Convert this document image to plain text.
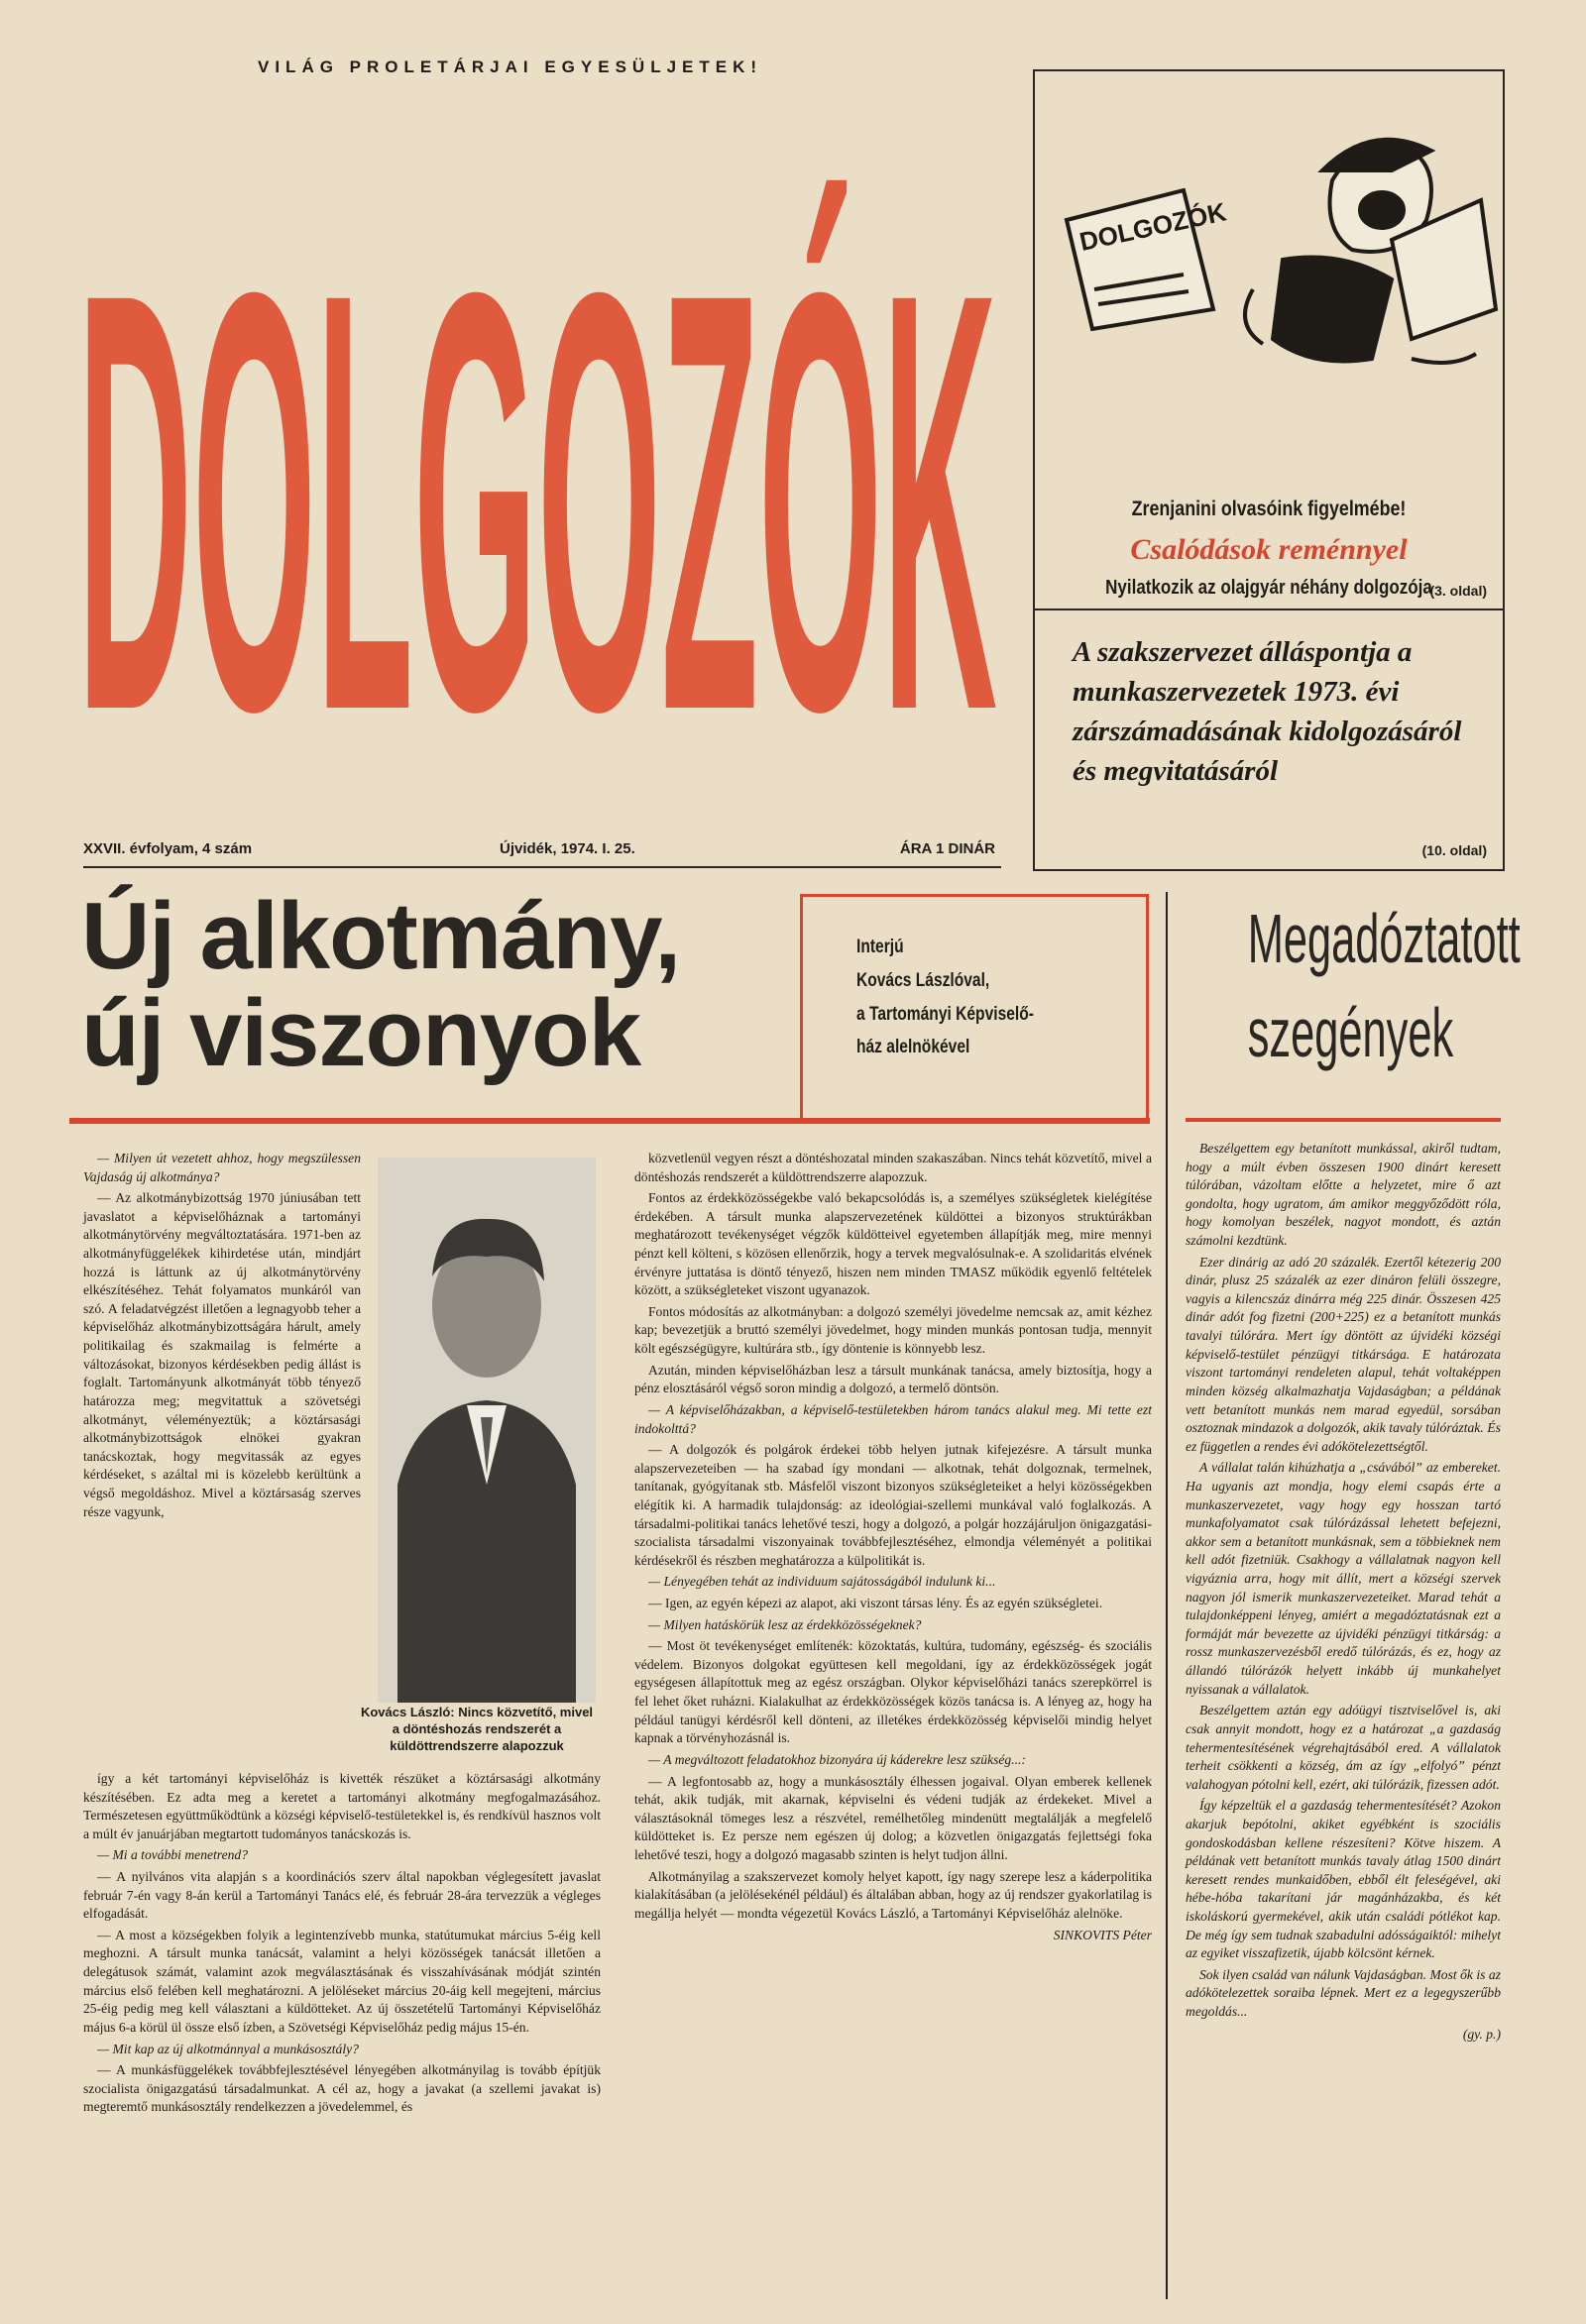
VILÁG PROLETÁRJAI EGYESÜLJETEK!
DOLGOZÓK	DOLGOZÓK
Zrenjanini olvasóink figyelmébe!
Csalódások reménnyel
Nyilatkozik az olajgyár néhány dolgozója
(3. oldal)
A szakszervezet álláspontja a munkaszervezetek 1973. évi zárszámadásának kidolgozásáról és megvitatásáról
(10. oldal)
XXVII. évfolyam, 4 szám	Újvidék, 1974. I. 25.	ÁRA 1 DINÁR
Új alkotmány,
új viszonyok
Interjú
Kovács Lászlóval,
a Tartományi Képviselő-
ház alelnökével
Megadóztatott
szegények
Kovács László: Nincs közvetítő, mivel a döntéshozás rendszerét a küldöttrendszerre alapozzuk

— Milyen út vezetett ahhoz, hogy megszülessen Vajdaság új alkotmánya?

— Az alkotmánybizottság 1970 júniusában tett javaslatot a képviselőháznak a tartományi alkotmánytörvény megváltoztatására. 1971-ben az alkotmányfüggelékek kihirdetése után, mindjárt hozzá is láttunk az új alkotmánytörvény elkészítéséhez. Tehát folyamatos munkáról van szó. A feladatvégzést illetően a legnagyobb teher a képviselőház alkotmánybizottságára hárult, amely politikailag és szakmailag is felmérte a változásokat, bizonyos kérdésekben pedig állást is foglalt. Tartományunk alkotmányát több tényező határozza meg; megvitattuk a szövetségi alkotmányt, véleményeztük; a köztársasági alkotmánybizottságok elnökei gyakran tanácskoztak, hogy megvitassák az egyes kérdéseket, s azáltal mi is közelebb kerültünk a végső megoldáshoz. Mivel a köztársaság szerves része vagyunk,

így a két tartományi képviselőház is kivették részüket a köztársasági alkotmány készítésében. Ez adta meg a keretet a tartományi alkotmány megfogalmazásához. Természetesen együttműködtünk a községi képviselő-testületekkel is, és rendkívül hasznos volt a múlt év januárjában megtartott tudományos tanácskozás is.

— Mi a további menetrend?

— A nyilvános vita alapján s a koordinációs szerv által napokban véglegesített javaslat február 7-én vagy 8-án kerül a Tartományi Tanács elé, és február 28-ára tervezzük a végleges elfogadását.

— A most a községekben folyik a legintenzívebb munka, statútumukat március 5-éig kell meghozni. A társult munka tanácsát, valamint a helyi közösségek tanácsát illetően a delegátusok számát, valamint azok megválasztásának és visszahívásának módját szintén március első felében kell meghatározni. A jelöléseket március 20-áig kell megejteni, március 25-éig pedig meg kell választani a küldötteket. Az új összetételű Tartományi Képviselőház május 6-a körül ül össze első ízben, a Szövetségi Képviselőház pedig május 15-én.

— Mit kap az új alkotmánnyal a munkásosztály?

— A munkásfüggelékek továbbfejlesztésével lényegében alkotmányilag is tovább építjük szocialista önigazgatású társadalmunkat. A cél az, hogy a javakat (a szellemi javakat is) megteremtő munkásosztály rendelkezzen a jövedelemmel, és

közvetlenül vegyen részt a döntéshozatal minden szakaszában. Nincs tehát közvetítő, mivel a döntéshozás rendszerét a küldöttrendszerre alapozzuk.

Fontos az érdekközösségekbe való bekapcsolódás is, a személyes szükségletek kielégítése érdekében. A társult munka alapszervezetének küldöttei a bizonyos struktúrákban meghatározott tevékenységet végzők küldötteivel egyetemben állapítják meg, mire mennyi pénzt kell költeni, s közösen ellenőrzik, hogy a tervek megvalósulnak-e. A szolidaritás elvének érvényre juttatása is döntő tényező, hiszen nem minden TMASZ működik egyenlő feltételek között, a szükségleteket viszont ugyanazok.

Fontos módosítás az alkotmányban: a dolgozó személyi jövedelme nemcsak az, amit kézhez kap; bevezetjük a bruttó személyi jövedelmet, hogy minden munkás pontosan tudja, mennyit költ egészségügyre, kultúrára stb., így döntenie is könnyebb lesz.

Azután, minden képviselőházban lesz a társult munkának tanácsa, amely biztosítja, hogy a pénz elosztásáról végső soron mindig a dolgozó, a termelő döntsön.

— A képviselőházakban, a képviselő-testületekben három tanács alakul meg. Mi tette ezt indokolttá?

— A dolgozók és polgárok érdekei több helyen jutnak kifejezésre. A társult munka alapszervezeteiben — ha szabad így mondani — alkotnak, tehát dolgoznak, termelnek, tanítanak, gyógyítanak stb. Másfelől viszont bizonyos szükségleteiket a helyi közösségekben elégítik ki. A harmadik tulajdonság: az ideológiai-szellemi munkával való foglalkozás. A társadalmi-politikai tanács lehetővé teszi, hogy a dolgozó, a polgár hozzájáruljon önigazgatási-szocialista társadalmi viszonyainak továbbfejlesztéséhez, elmondja véleményét a politikai kérdésekről és részben meghatározza a külpolitikát is.

— Lényegében tehát az individuum sajátosságából indulunk ki...

— Igen, az egyén képezi az alapot, aki viszont társas lény. És az egyén szükségletei.

— Milyen hatáskörük lesz az érdekközösségeknek?

— Most öt tevékenységet említenék: közoktatás, kultúra, tudomány, egészség- és szociális védelem. Bizonyos dolgokat együttesen kell megoldani, így az érdekközösségek jogát egységesen állapítottuk meg az egész országban. Olykor képviselőházi tanács szerepkörrel is fel lehet őket ruházni. Kialakulhat az érdekközösségek közös tanácsa is. A lényeg az, hogy ha például tanügyi kérdésről kell dönteni, az illetékes érdekközösség képviselői mindig helyet kapnak a törvényhozásnál is.

— A megváltozott feladatokhoz bizonyára új káderekre lesz szükség...:

— A legfontosabb az, hogy a munkásosztály élhessen jogaival. Olyan emberek kellenek tehát, akik tudják, mit akarnak, képviselni és védeni tudják az érdekeket. Mivel a választásoknál tömeges lesz a részvétel, remélhetőleg mindenütt megtalálják a megfelelő küldötteket is. Ez persze nem egészen új dolog; a közvetlen önigazgatás fejlettségi foka lehetővé teszi, hogy a dolgozó magasabb szinten is helyt tudjon állni.

Alkotmányilag a szakszervezet komoly helyet kapott, így nagy szerepe lesz a káderpolitika kialakításában (a jelölésekénél például) és általában abban, hogy az új rendszer gyakorlatilag is megállja helyét — mondta végezetül Kovács László, a Tartományi Képviselőház alelnöke.

SINKOVITS Péter

Beszélgettem egy betanított munkással, akiről tudtam, hogy a múlt évben összesen 1900 dinárt keresett túlórában, vázoltam előtte a helyzetet, mire ő azt gondolta, hogy ugratom, ám amikor meggyőződött róla, hogy komolyan beszélek, nagyot mondott, és aztán számolni kezdtünk.

Ezer dinárig az adó 20 százalék. Ezertől kétezerig 200 dinár, plusz 25 százalék az ezer dináron felüli összegre, vagyis a kilencszáz dinárra még 225 dinár. Összesen 425 dinár adót fog fizetni (200+225) ez a betanított munkás tavalyi túlórára. Mert így döntött az újvidéki községi képviselő-testület pénzügyi titkársága. E határozata viszont tartományi rendeleten alapul, tehát voltaképpen minden község alkalmazhatja Vajdaságban; a példának vett betanított munkás nem marad egyedül, sorsában osztoznak mindazok a dolgozók, akik tavaly túlóráztak. És ez független a rendes évi adókötelezettségtől.

A vállalat talán kihúzhatja a „csávából” az embereket. Ha ugyanis azt mondja, hogy elemi csapás érte a munkaszervezetet, vagy hogy egy hosszan tartó munkafolyamatot csak túlórázással lehetett befejezni, akkor sem a betanított munkásnak, sem a többieknek nem kell adót fizetniük. Csakhogy a vállalatnak nagyon kell vigyáznia arra, hogy mit állít, mert a községi szervek nagyon jól ismerik munkaszervezeteiket. Marad tehát a tulajdonképpeni lényeg, amiért a megadóztatásnak ezt a formáját már bevezette az újvidéki pénzügyi titkárság: a rossz munkaszervezésből eredő túlórázás, és ez, hogy az állandó túlórázók helyett inkább új munkahelyet nyissanak a vállalatok.

Beszélgettem aztán egy adóügyi tisztviselővel is, aki csak annyit mondott, hogy ez a határozat „a gazdaság tehermentesítésének végrehajtásából ered. A vállalatok terheit csökkenti a község, ám az így „elfolyó” pénzt valahogyan pótolni kell, ezért, aki túlórázik, fizessen adót.

Így képzeltük el a gazdaság tehermentesítését? Azokon akarjuk bepótolni, akiket egyébként is szociális gondoskodásban kellene részesíteni? Kötve hiszem. A példának vett betanított munkás tavaly átlag 1500 dinárt keresett rendes munkaidőben, ebből élt feleségével, aki hébe-hóba takarítani jár magánházakba, és két iskoláskorú gyermekével, akik után családi pótlékot kap. De még így sem tudnak szabadulni adósságaiktól: mihelyt az egyiket visszafizetik, újabb kölcsönt kérnek.

Sok ilyen család van nálunk Vajdaságban. Most ők is az adókötelezettek soraiba lépnek. Mert ez a legegyszerűbb megoldás...

(gy. p.)
